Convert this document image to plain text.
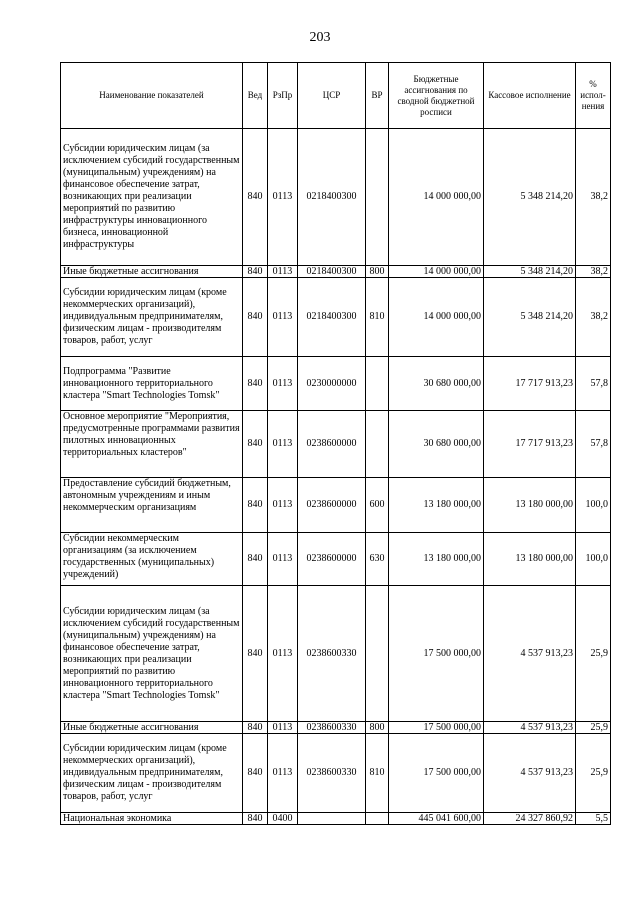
203
Наименование показателей	Вед	РзПр	ЦСР	ВР	Бюджетные ассигнования по сводной бюджетной росписи	Кассовое исполнение	% испол-нения
Субсидии юридическим лицам (за исключением субсидий государственным (муниципальным) учреждениям) на финансовое обеспечение затрат, возникающих при реализации мероприятий по развитию инфраструктуры инновационного бизнеса, инновационной инфраструктуры	840	0113	0218400300		14 000 000,00	5 348 214,20	38,2
Иные бюджетные ассигнования	840	0113	0218400300	800	14 000 000,00	5 348 214,20	38,2
Субсидии юридическим лицам (кроме некоммерческих организаций), индивидуальным предпринимателям, физическим лицам - производителям товаров, работ, услуг	840	0113	0218400300	810	14 000 000,00	5 348 214,20	38,2
Подпрограмма "Развитие инновационного территориального кластера "Smart Technologies Tomsk"	840	0113	0230000000		30 680 000,00	17 717 913,23	57,8

Основное мероприятие "Мероприятия, предусмотренные программами развития пилотных инновационных территориальных кластеров"	840	0113	0238600000		30 680 000,00	17 717 913,23	57,8

Предоставление субсидий бюджетным, автономным учреждениям и иным некоммерческим организациям	840	0113	0238600000	600	13 180 000,00	13 180 000,00	100,0

Субсидии некоммерческим организациям (за исключением государственных (муниципальных) учреждений)	840	0113	0238600000	630	13 180 000,00	13 180 000,00	100,0
Субсидии юридическим лицам (за исключением субсидий государственным (муниципальным) учреждениям) на финансовое обеспечение затрат, возникающих при реализации мероприятий по развитию инновационного территориального кластера "Smart Technologies Tomsk"	840	0113	0238600330		17 500 000,00	4 537 913,23	25,9
Иные бюджетные ассигнования	840	0113	0238600330	800	17 500 000,00	4 537 913,23	25,9
Субсидии юридическим лицам (кроме некоммерческих организаций), индивидуальным предпринимателям, физическим лицам - производителям товаров, работ, услуг	840	0113	0238600330	810	17 500 000,00	4 537 913,23	25,9
Национальная экономика	840	0400			445 041 600,00	24 327 860,92	5,5
